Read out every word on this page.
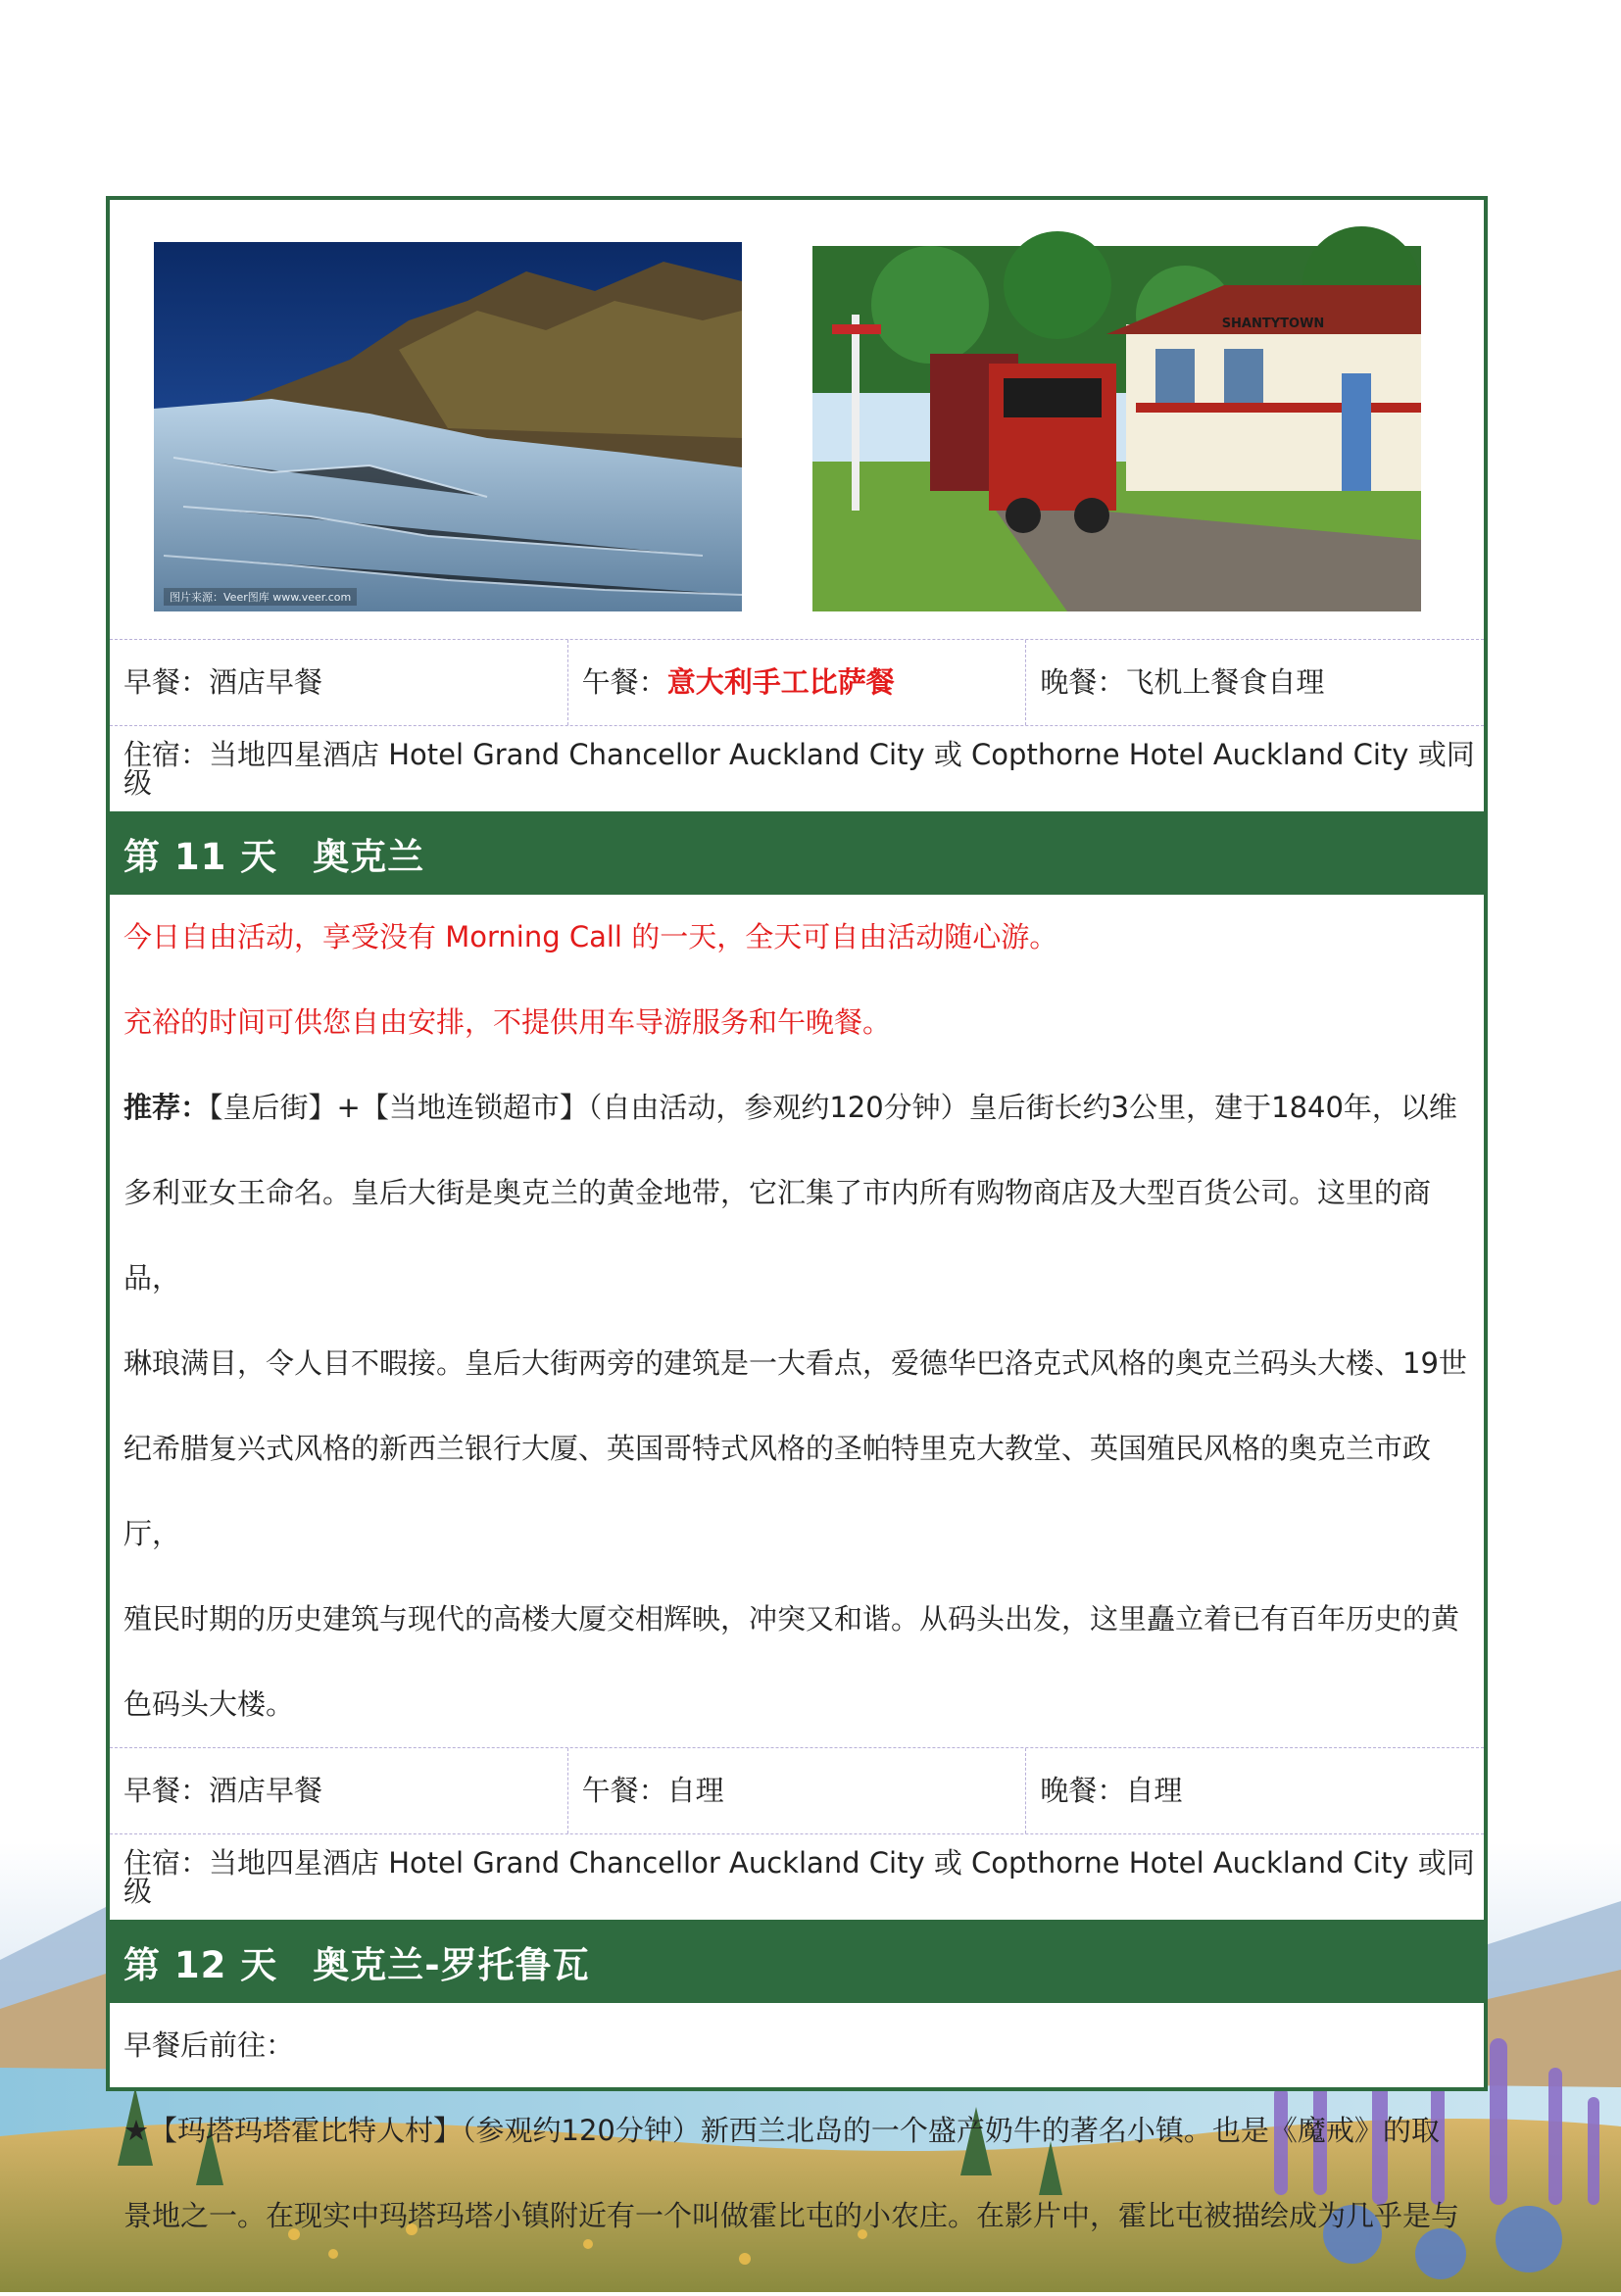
图片来源：Veer图库 www.veer.com
SHANTYTOWN
早餐：酒店早餐	午餐： 意大利手工比萨餐	晚餐：飞机上餐食自理
住宿：当地四星酒店 Hotel Grand Chancellor Auckland City 或 Copthorne Hotel Auckland City 或同级
第 11 天 奥克兰

今日自由活动，享受没有 Morning Call 的一天，全天可自由活动随心游。

充裕的时间可供您自由安排，不提供用车导游服务和午晚餐。

推荐：【皇后街】+【当地连锁超市】（自由活动，参观约120分钟）皇后街长约3公里，建于1840年，以维

多利亚女王命名。皇后大街是奥克兰的黄金地带，它汇集了市内所有购物商店及大型百货公司。这里的商品，

琳琅满目，令人目不暇接。皇后大街两旁的建筑是一大看点，爱德华巴洛克式风格的奥克兰码头大楼、19世

纪希腊复兴式风格的新西兰银行大厦、英国哥特式风格的圣帕特里克大教堂、英国殖民风格的奥克兰市政厅，

殖民时期的历史建筑与现代的高楼大厦交相辉映，冲突又和谐。从码头出发，这里矗立着已有百年历史的黄

色码头大楼。

早餐：酒店早餐	午餐：自理	晚餐：自理
住宿：当地四星酒店 Hotel Grand Chancellor Auckland City 或 Copthorne Hotel Auckland City 或同级
第 12 天 奥克兰-罗托鲁瓦

早餐后前往：

★【玛塔玛塔霍比特人村】（参观约120分钟）新西兰北岛的一个盛产奶牛的著名小镇。也是《魔戒》的取

景地之一。在现实中玛塔玛塔小镇附近有一个叫做霍比屯的小农庄。在影片中，霍比屯被描绘成为几乎是与
